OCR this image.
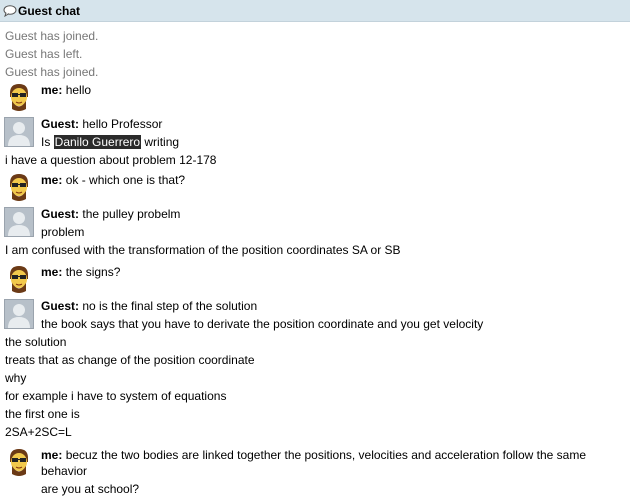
Guest chat
Guest has joined.
Guest has left.
Guest has joined.
me: hello
Guest: hello Professor
Is Danilo Guerrero writing
i have a question about problem 12-178
me: ok - which one is that?
Guest: the pulley probelm
problem
I am confused with the transformation of the position coordinates SA or SB
me: the signs?
Guest: no is the final step of the solution
the book says that you have to derivate the position coordinate and you get velocity
the solution
treats that as change of the position coordinate
why
for example i have to system of equations
the first one is
2SA+2SC=L
me: becuz the two bodies are linked together the positions, velocities and acceleration follow the same
behavior
are you at school?
